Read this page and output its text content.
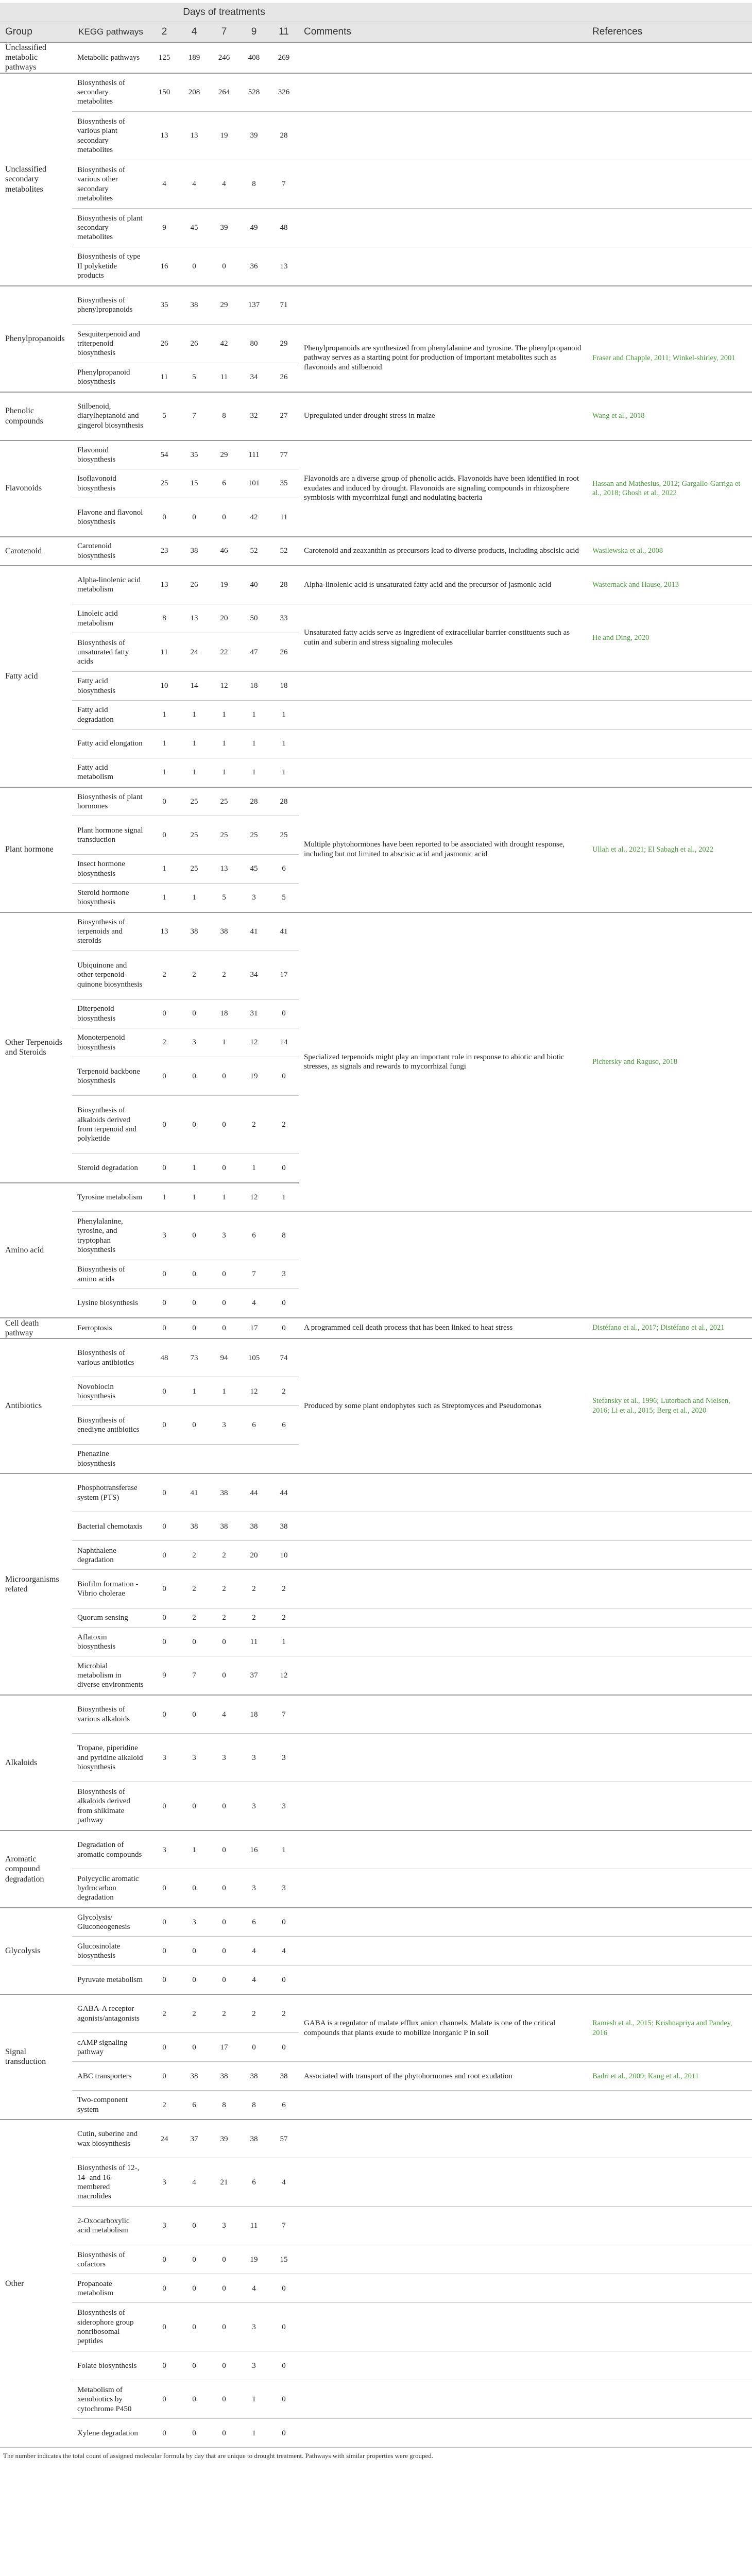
		Days of treatments							
Group	KEGG pathways	2	4	7	9	11	Comments	References	
Unclassified metabolic pathways	Metabolic pathways	125	189	246	408	269			
Unclassified secondary metabolites	Biosynthesis of secondary metabolites	150	208	264	528	326			
	Biosynthesis of various plant secondary metabolites	13	13	19	39	28			
	Biosynthesis of various other secondary metabolites	4	4	4	8	7			
	Biosynthesis of plant secondary metabolites	9	45	39	49	48			
	Biosynthesis of type II polyketide products	16	0	0	36	13			
Phenylpropanoids	Biosynthesis of phenylpropanoids	35	38	29	137	71			
	Sesquiterpenoid and triterpenoid biosynthesis	26	26	42	80	29	Phenylpropanoids are synthesized from phenylalanine and tyrosine. The phenylpropanoid pathway serves as a starting point for production of important metabolites such as flavonoids and stilbenoid	Fraser and Chapple, 2011; Winkel-shirley, 2001	
	Phenylpropanoid biosynthesis	11	5	11	34	26			
Phenolic compounds	Stilbenoid, diarylheptanoid and gingerol biosynthesis	5	7	8	32	27	Upregulated under drought stress in maize	Wang et al., 2018	
Flavonoids	Flavonoid biosynthesis	54	35	29	111	77	Flavonoids are a diverse group of phenolic acids. Flavonoids have been identified in root exudates and induced by drought. Flavonoids are signaling compounds in rhizosphere symbiosis with mycorrhizal fungi and nodulating bacteria	Hassan and Mathesius, 2012; Gargallo-Garriga et al., 2018; Ghosh et al., 2022	
	Isoflavonoid biosynthesis	25	15	6	101	35			
	Flavone and flavonol biosynthesis	0	0	0	42	11			
Carotenoid	Carotenoid biosynthesis	23	38	46	52	52	Carotenoid and zeaxanthin as precursors lead to diverse products, including abscisic acid	Wasilewska et al., 2008	
Fatty acid	Alpha-linolenic acid metabolism	13	26	19	40	28	Alpha-linolenic acid is unsaturated fatty acid and the precursor of jasmonic acid	Wasternack and Hause, 2013	
	Linoleic acid metabolism	8	13	20	50	33	Unsaturated fatty acids serve as ingredient of extracellular barrier constituents such as cutin and suberin and stress signaling molecules	He and Ding, 2020	
	Biosynthesis of unsaturated fatty acids	11	24	22	47	26			
	Fatty acid biosynthesis	10	14	12	18	18			
	Fatty acid degradation	1	1	1	1	1			
	Fatty acid elongation	1	1	1	1	1			
	Fatty acid metabolism	1	1	1	1	1			
Plant hormone	Biosynthesis of plant hormones	0	25	25	28	28	Multiple phytohormones have been reported to be associated with drought response, including but not limited to abscisic acid and jasmonic acid	Ullah et al., 2021; El Sabagh et al., 2022	
	Plant hormone signal transduction	0	25	25	25	25			
	Insect hormone biosynthesis	1	25	13	45	6			
	Steroid hormone biosynthesis	1	1	5	3	5			
Other Terpenoids and Steroids	Biosynthesis of terpenoids and steroids	13	38	38	41	41	Specialized terpenoids might play an important role in response to abiotic and biotic stresses, as signals and rewards to mycorrhizal fungi	Pichersky and Raguso, 2018	
	Ubiquinone and other terpenoid-quinone biosynthesis	2	2	2	34	17			
	Diterpenoid biosynthesis	0	0	18	31	0			
	Monoterpenoid biosynthesis	2	3	1	12	14			
	Terpenoid backbone biosynthesis	0	0	0	19	0			
	Biosynthesis of alkaloids derived from terpenoid and polyketide	0	0	0	2	2			
	Steroid degradation	0	1	0	1	0			
Amino acid	Tyrosine metabolism	1	1	1	12	1		
	Phenylalanine, tyrosine, and tryptophan biosynthesis	3	0	3	6	8			
	Biosynthesis of amino acids	0	0	0	7	3			
	Lysine biosynthesis	0	0	0	4	0			
Cell death pathway	Ferroptosis	0	0	0	17	0	A programmed cell death process that has been linked to heat stress	Distéfano et al., 2017; Distéfano et al., 2021	
Antibiotics	Biosynthesis of various antibiotics	48	73	94	105	74	Produced by some plant endophytes such as Streptomyces and Pseudomonas	Stefansky et al., 1996; Luterbach and Nielsen, 2016; Li et al., 2015; Berg et al., 2020	
	Novobiocin biosynthesis	0	1	1	12	2			
	Biosynthesis of enediyne antibiotics	0	0	3	6	6			
	Phenazine biosynthesis								
Microorganisms related	Phosphotransferase system (PTS)	0	41	38	44	44			
	Bacterial chemotaxis	0	38	38	38	38			
	Naphthalene degradation	0	2	2	20	10			
	Biofilm formation - Vibrio cholerae	0	2	2	2	2			
	Quorum sensing	0	2	2	2	2			
	Aflatoxin biosynthesis	0	0	0	11	1			
	Microbial metabolism in diverse environments	9	7	0	37	12			
Alkaloids	Biosynthesis of various alkaloids	0	0	4	18	7			
	Tropane, piperidine and pyridine alkaloid biosynthesis	3	3	3	3	3			
	Biosynthesis of alkaloids derived from shikimate pathway	0	0	0	3	3			
Aromatic compound degradation	Degradation of aromatic compounds	3	1	0	16	1			
	Polycyclic aromatic hydrocarbon degradation	0	0	0	3	3			
Glycolysis	Glycolysis/ Gluconeogenesis	0	3	0	6	0			
	Glucosinolate biosynthesis	0	0	0	4	4			
	Pyruvate metabolism	0	0	0	4	0			
Signal transduction	GABA-A receptor agonists/antagonists	2	2	2	2	2	GABA is a regulator of malate efflux anion channels. Malate is one of the critical compounds that plants exude to mobilize inorganic P in soil	Ramesh et al., 2015; Krishnapriya and Pandey, 2016	
	cAMP signaling pathway	0	0	17	0	0			
	ABC transporters	0	38	38	38	38	Associated with transport of the phytohormones and root exudation	Badri et al., 2009; Kang et al., 2011	
	Two-component system	2	6	8	8	6			
Other	Cutin, suberine and wax biosynthesis	24	37	39	38	57			
	Biosynthesis of 12-, 14- and 16-membered macrolides	3	4	21	6	4			
	2-Oxocarboxylic acid metabolism	3	0	3	11	7			
	Biosynthesis of cofactors	0	0	0	19	15			
	Propanoate metabolism	0	0	0	4	0			
	Biosynthesis of siderophore group nonribosomal peptides	0	0	0	3	0			
	Folate biosynthesis	0	0	0	3	0			
	Metabolism of xenobiotics by cytochrome P450	0	0	0	1	0			
	Xylene degradation	0	0	0	1	0			
The number indicates the total count of assigned molecular formula by day that are unique to drought treatment. Pathways with similar properties were grouped.
